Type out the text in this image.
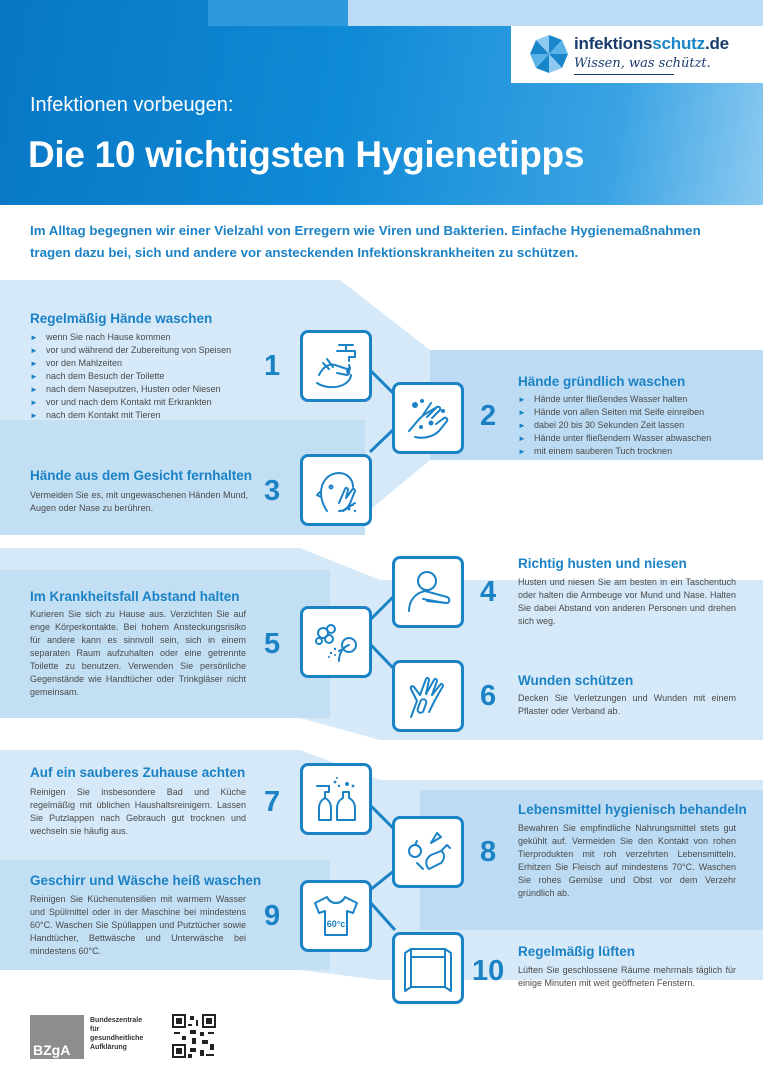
Infektionen vorbeugen:
Die 10 wichtigsten Hygienetipps
infektionsschutz.de
Wissen, was schützt.
Im Alltag begegnen wir einer Vielzahl von Erregern wie Viren und Bakterien. Einfache Hygienemaßnahmen tragen dazu bei, sich und andere vor ansteckenden Infektionskrankheiten zu schützen.
Regelmäßig Hände waschen
► wenn Sie nach Hause kommen
► vor und während der Zubereitung von Speisen
► vor den Mahlzeiten
► nach dem Besuch der Toilette
► nach dem Naseputzen, Husten oder Niesen
► vor und nach dem Kontakt mit Erkrankten
► nach dem Kontakt mit Tieren
1
2
Hände gründlich waschen
► Hände unter fließendes Wasser halten
► Hände von allen Seiten mit Seife einreiben
► dabei 20 bis 30 Sekunden Zeit lassen
► Hände unter fließendem Wasser abwaschen
► mit einem sauberen Tuch trocknen
Hände aus dem Gesicht fernhalten
Vermeiden Sie es, mit ungewaschenen Händen Mund, Augen oder Nase zu berühren.
3
4
Richtig husten und niesen
Husten und niesen Sie am besten in ein Taschentuch oder halten die Armbeuge vor Mund und Nase. Halten Sie dabei Abstand von anderen Personen und drehen sich weg.
Im Krankheitsfall Abstand halten
Kurieren Sie sich zu Hause aus. Verzichten Sie auf enge Körperkontakte. Bei hohem Ansteckungsrisiko für andere kann es sinnvoll sein, sich in einem separaten Raum aufzuhalten oder eine getrennte Toilette zu benutzen. Verwenden Sie persönliche Gegenstände wie Handtücher oder Trinkgläser nicht gemeinsam.
5
6 Wunden schützen
Decken Sie Verletzungen und Wunden mit einem Pflaster oder Verband ab.
Auf ein sauberes Zuhause achten
Reinigen Sie insbesondere Bad und Küche regelmäßig mit üblichen Haushaltsreinigern. Lassen Sie Putzlappen nach Gebrauch gut trocknen und wechseln sie häufig aus.
7
8
Lebensmittel hygienisch behandeln
Bewahren Sie empfindliche Nahrungsmittel stets gut gekühlt auf. Vermeiden Sie den Kontakt von rohen Tierprodukten mit roh verzehrten Lebensmitteln. Erhitzen Sie Fleisch auf mindestens 70°C. Waschen Sie rohes Gemüse und Obst vor dem Verzehr gründlich ab.
Geschirr und Wäsche heiß waschen
Reinigen Sie Küchenutensilien mit warmem Wasser und Spülmittel oder in der Maschine bei mindestens 60°C. Waschen Sie Spüllappen und Putztücher sowie Handtücher, Bettwäsche und Unterwäsche bei mindestens 60°C.
9	60°c
10
Regelmäßig lüften
Lüften Sie geschlossene Räume mehrmals täglich für einige Minuten mit weit geöffneten Fenstern.
BZgA
Bundeszentrale
für
gesundheitliche
Aufklärung
